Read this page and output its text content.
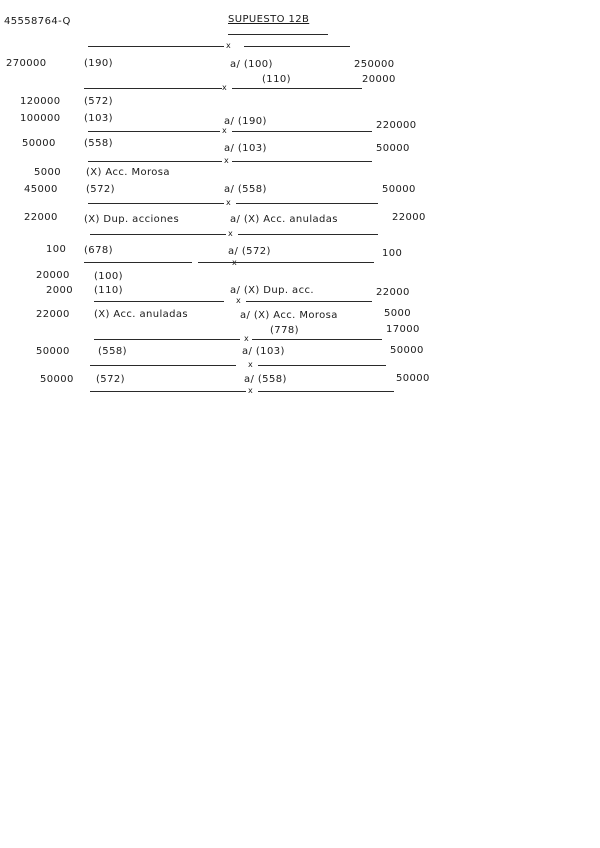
45558764-Q	SUPUESTO 12B
x
270000	(190)	a/ (100)	250000
(110)	20000
x
120000 (572)
100000 (103)	a/ (190)	220000
x
50000	(558)	a/ (103)	50000
x
5000 (X) Acc. Morosa
45000	(572)	a/ (558)	50000
x
22000	(X) Dup. acciones	a/ (X) Acc. anuladas	22000
x
100 (678)	a/ (572)	100
x
20000 (100)
2000 (110)	a/ (X) Dup. acc.	22000
x
22000 (X) Acc. anuladas	a/ (X) Acc. Morosa	5000
(778)	17000
x
50000	(558)	a/ (103)	50000
x
50000 (572)	a/ (558)	50000
x
